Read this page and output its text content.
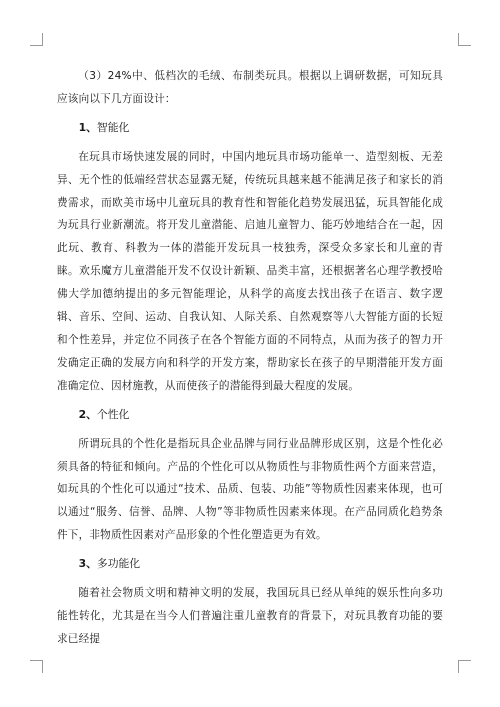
（3）24%中、低档次的毛绒、布制类玩具。根据以上调研数据，可知玩具应该向以下几方面设计：

1、智能化

在玩具市场快速发展的同时，中国内地玩具市场功能单一、造型刻板、无差异、无个性的低端经营状态显露无疑，传统玩具越来越不能满足孩子和家长的消费需求，而欧美市场中儿童玩具的教育性和智能化趋势发展迅猛，玩具智能化成为玩具行业新潮流。将开发儿童潜能、启迪儿童智力、能巧妙地结合在一起，因此玩、教育、科教为一体的潜能开发玩具一枝独秀，深受众多家长和儿童的青睐。欢乐魔方儿童潜能开发不仅设计新颖、品类丰富，还根据著名心理学教授哈佛大学加德纳提出的多元智能理论，从科学的高度去找出孩子在语言、数字逻辑、音乐、空间、运动、自我认知、人际关系、自然观察等八大智能方面的长短和个性差异，并定位不同孩子在各个智能方面的不同特点，从而为孩子的智力开发确定正确的发展方向和科学的开发方案，帮助家长在孩子的早期潜能开发方面准确定位、因材施教，从而使孩子的潜能得到最大程度的发展。

2、个性化

所谓玩具的个性化是指玩具企业品牌与同行业品牌形成区别，这是个性化必须具备的特征和倾向。产品的个性化可以从物质性与非物质性两个方面来营造，如玩具的个性化可以通过“技术、品质、包装、功能”等物质性因素来体现，也可以通过“服务、信誉、品牌、人物”等非物质性因素来体现。在产品同质化趋势条件下，非物质性因素对产品形象的个性化塑造更为有效。

3、多功能化

随着社会物质文明和精神文明的发展，我国玩具已经从单纯的娱乐性向多功能性转化，尤其是在当今人们普遍注重儿童教育的背景下，对玩具教育功能的要求已经提
